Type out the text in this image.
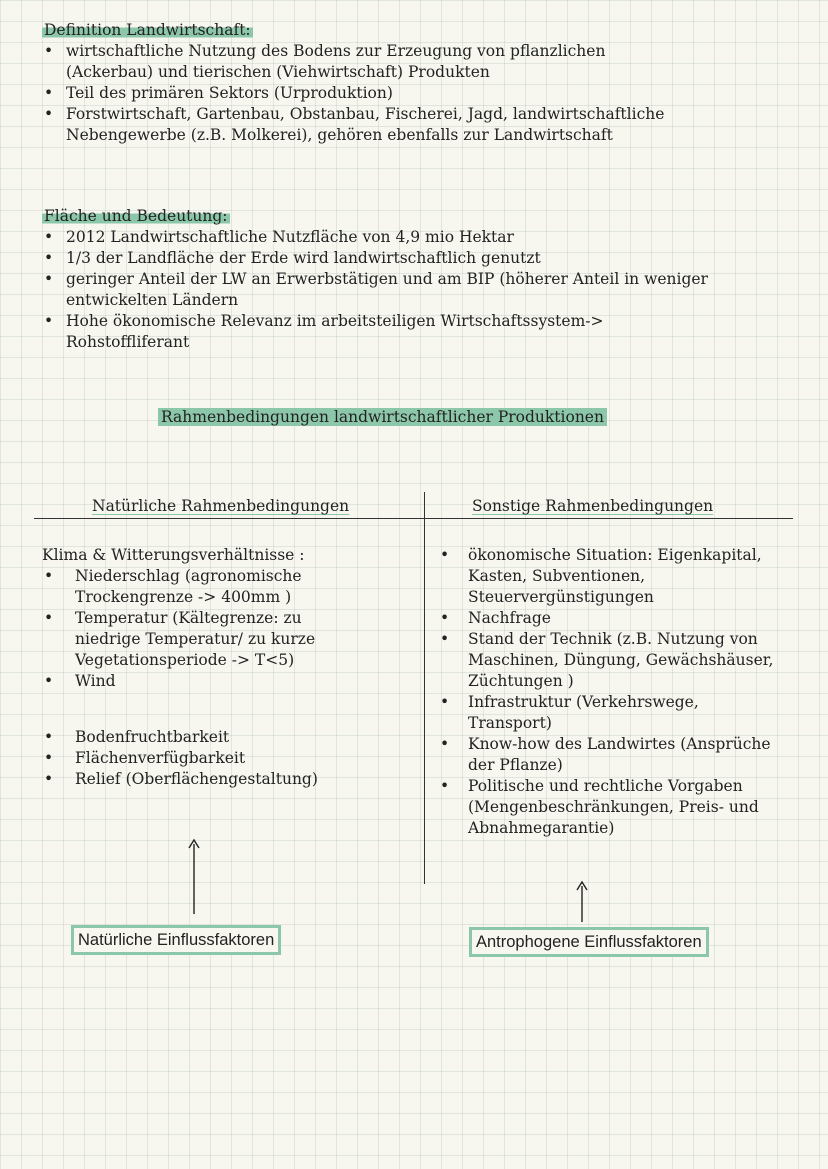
Definition Landwirtschaft:
• wirtschaftliche Nutzung des Bodens zur Erzeugung von pflanzlichen (Ackerbau) und tierischen (Viehwirtschaft) Produkten
• Teil des primären Sektors (Urproduktion)
• Forstwirtschaft, Gartenbau, Obstanbau, Fischerei, Jagd, landwirtschaftliche Nebengewerbe (z.B. Molkerei), gehören ebenfalls zur Landwirtschaft
Fläche und Bedeutung:
• 2012 Landwirtschaftliche Nutzfläche von 4,9 mio Hektar
• 1/3 der Landfläche der Erde wird landwirtschaftlich genutzt
• geringer Anteil der LW an Erwerbstätigen und am BIP (höherer Anteil in weniger entwickelten Ländern
• Hohe ökonomische Relevanz im arbeitsteiligen Wirtschaftssystem-> Rohstoffliferant
Rahmenbedingungen landwirtschaftlicher Produktionen
Natürliche Rahmenbedingungen	Sonstige Rahmenbedingungen
Klima & Witterungsverhältnisse :
• Niederschlag (agronomische Trockengrenze -> 400mm )
• Temperatur (Kältegrenze: zu niedrige Temperatur/ zu kurze Vegetationsperiode -> T<5)
• Wind
• Bodenfruchtbarkeit
• Flächenverfügbarkeit
• Relief (Oberflächengestaltung)
• ökonomische Situation: Eigenkapital, Kasten, Subventionen, Steuervergünstigungen
• Nachfrage
• Stand der Technik (z.B. Nutzung von Maschinen, Düngung, Gewächshäuser, Züchtungen )
• Infrastruktur (Verkehrswege, Transport)
• Know-how des Landwirtes (Ansprüche der Pflanze)
• Politische und rechtliche Vorgaben (Mengenbeschränkungen, Preis- und Abnahmegarantie)
Natürliche Einflussfaktoren	Antrophogene Einflussfaktoren
